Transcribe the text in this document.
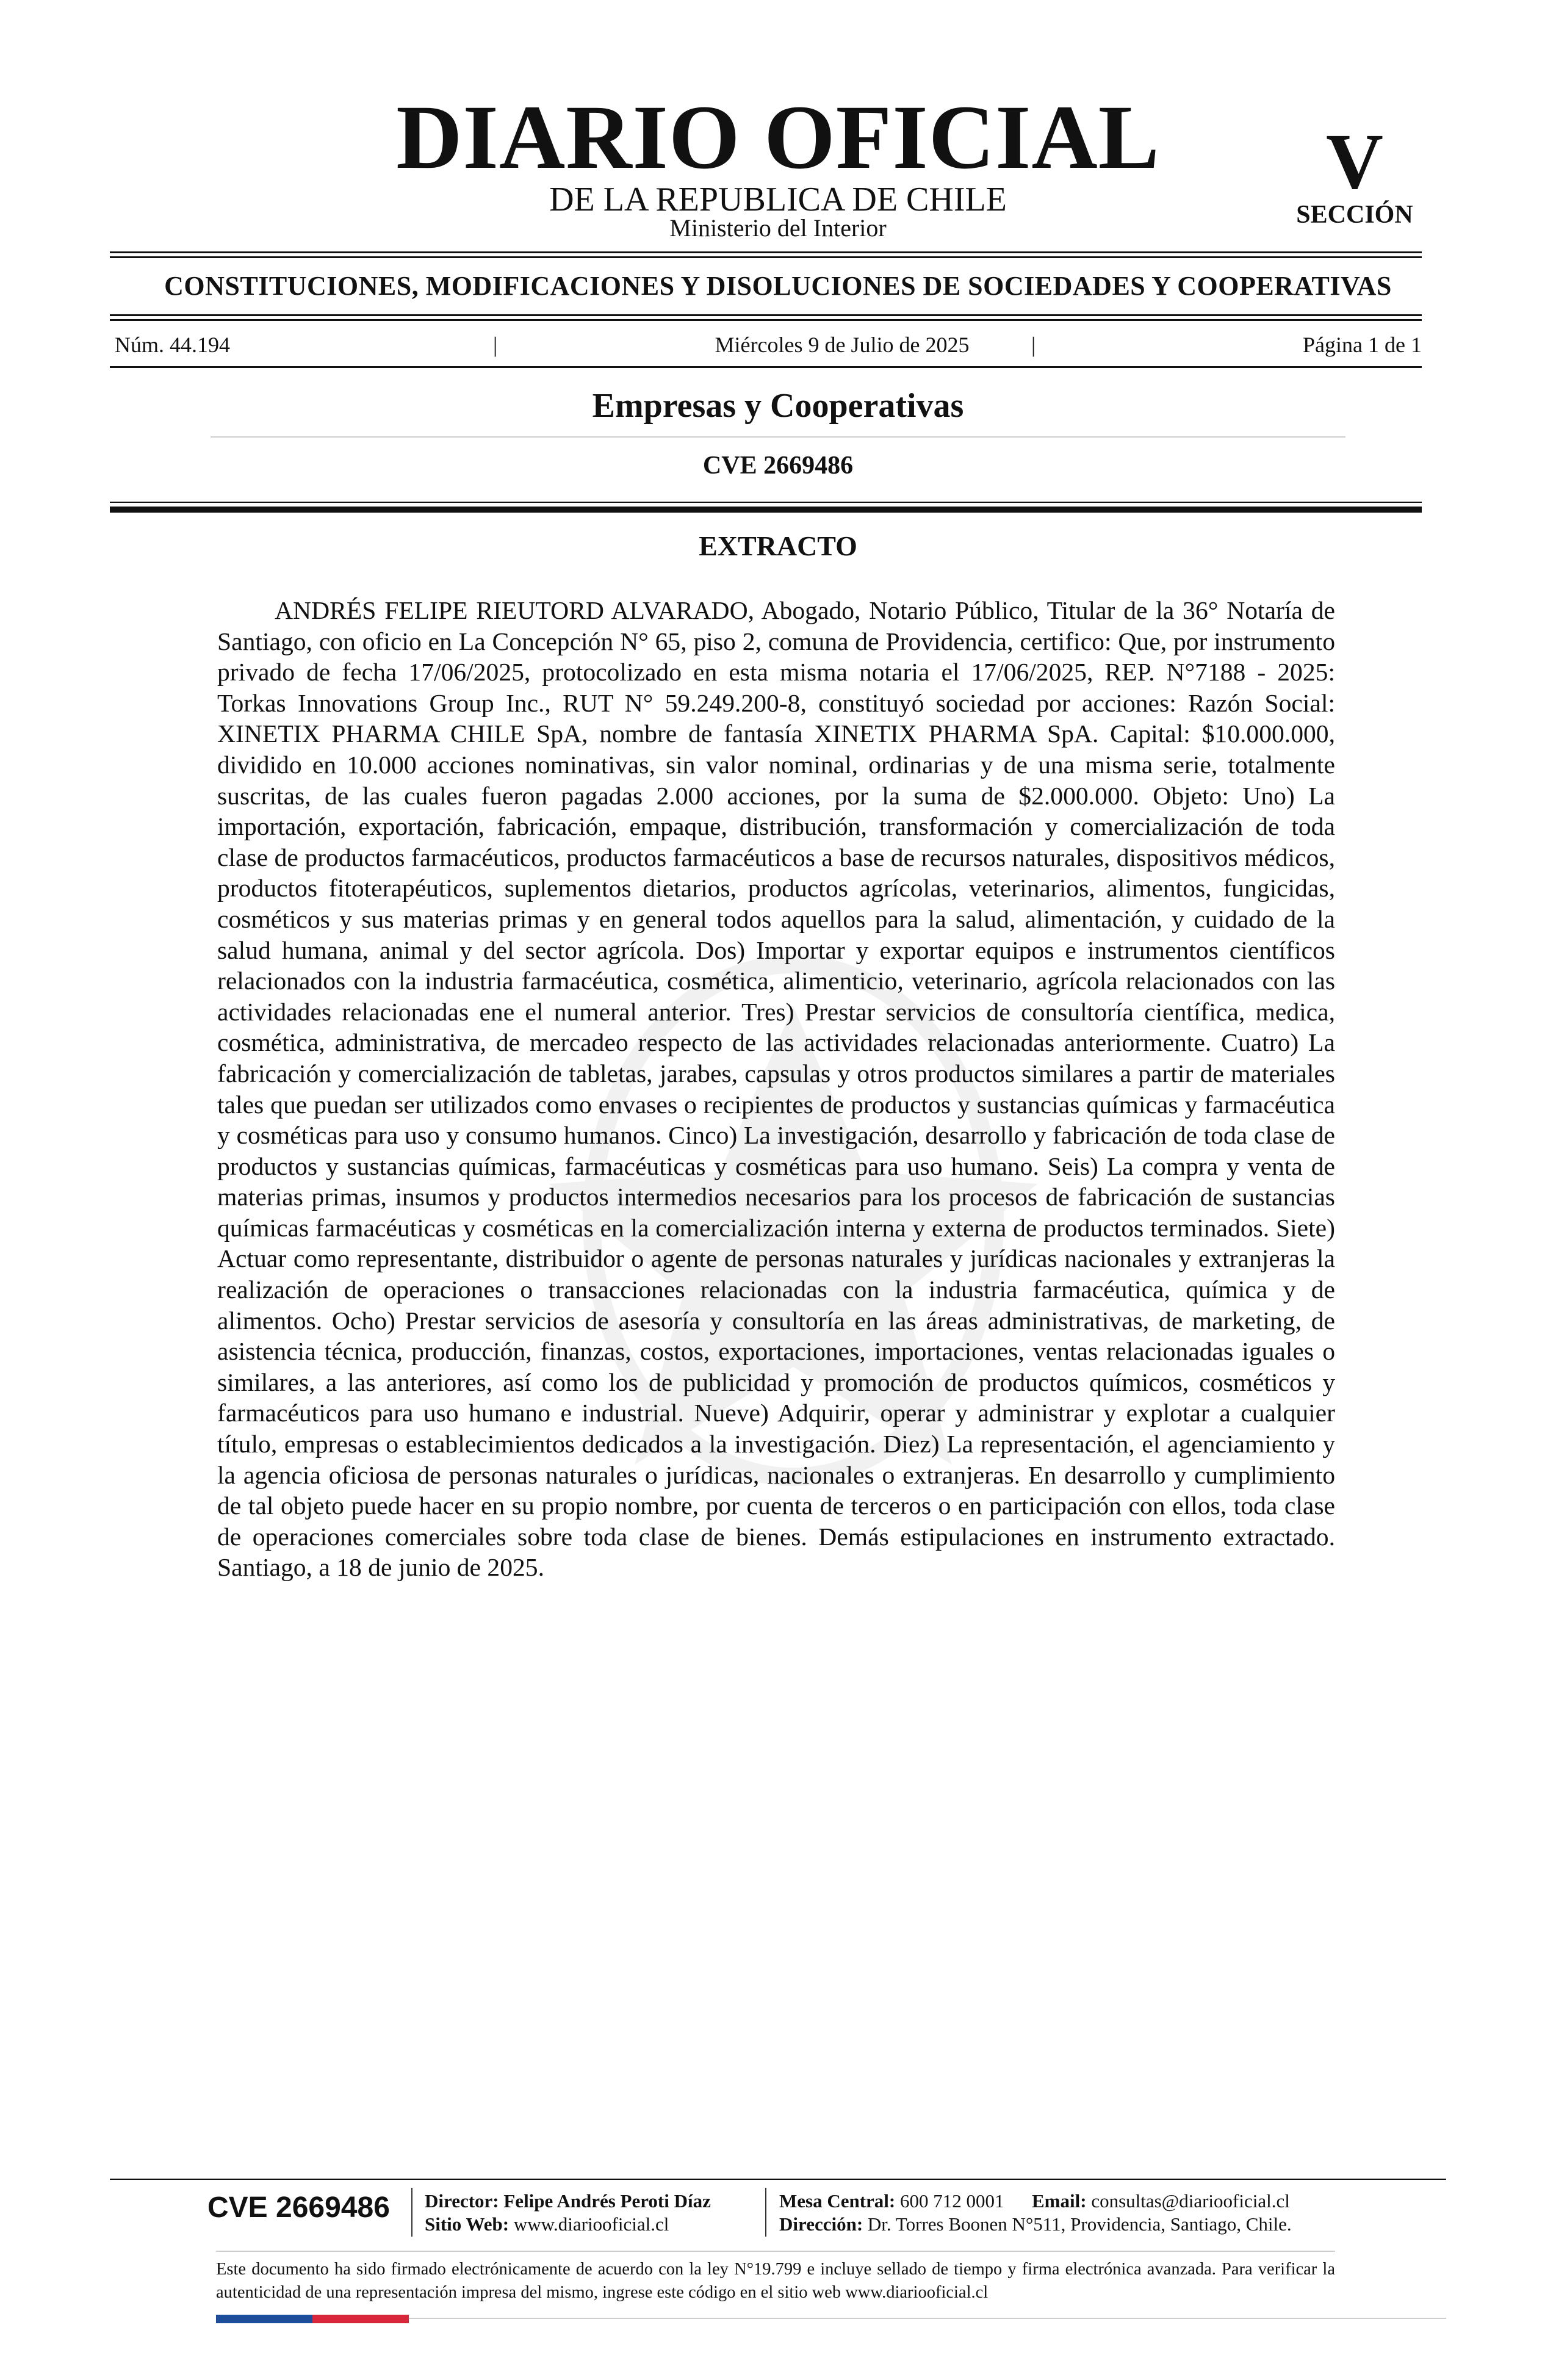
DIARIO OFICIAL
DE LA REPUBLICA DE CHILE
Ministerio del Interior
V
SECCIÓN
CONSTITUCIONES, MODIFICACIONES Y DISOLUCIONES DE SOCIEDADES Y COOPERATIVAS
Núm. 44.194	|	Miércoles 9 de Julio de 2025	|	Página 1 de 1
Empresas y Cooperativas
CVE 2669486
EXTRACTO

ANDRÉS FELIPE RIEUTORD ALVARADO, Abogado, Notario Público, Titular de la 36° Notaría de Santiago, con oficio en La Concepción N° 65, piso 2, comuna de Providencia, certifico: Que, por instrumento privado de fecha 17/06/2025, protocolizado en esta misma notaria el 17/06/2025, REP. N°7188 - 2025: Torkas Innovations Group Inc., RUT N° 59.249.200-8, constituyó sociedad por acciones: Razón Social: XINETIX PHARMA CHILE SpA, nombre de fantasía XINETIX PHARMA SpA. Capital: $10.000.000, dividido en 10.000 acciones nominativas, sin valor nominal, ordinarias y de una misma serie, totalmente suscritas, de las cuales fueron pagadas 2.000 acciones, por la suma de $2.000.000. Objeto: Uno) La importación, exportación, fabricación, empaque, distribución, transformación y comercialización de toda clase de productos farmacéuticos, productos farmacéuticos a base de recursos naturales, dispositivos médicos, productos fitoterapéuticos, suplementos dietarios, productos agrícolas, veterinarios, alimentos, fungicidas, cosméticos y sus materias primas y en general todos aquellos para la salud, alimentación, y cuidado de la salud humana, animal y del sector agrícola. Dos) Importar y exportar equipos e instrumentos científicos relacionados con la industria farmacéutica, cosmética, alimenticio, veterinario, agrícola relacionados con las actividades relacionadas ene el numeral anterior. Tres) Prestar servicios de consultoría científica, medica, cosmética, administrativa, de mercadeo respecto de las actividades relacionadas anteriormente. Cuatro) La fabricación y comercialización de tabletas, jarabes, capsulas y otros productos similares a partir de materiales tales que puedan ser utilizados como envases o recipientes de productos y sustancias químicas y farmacéutica y cosméticas para uso y consumo humanos. Cinco) La investigación, desarrollo y fabricación de toda clase de productos y sustancias químicas, farmacéuticas y cosméticas para uso humano. Seis) La compra y venta de materias primas, insumos y productos intermedios necesarios para los procesos de fabricación de sustancias químicas farmacéuticas y cosméticas en la comercialización interna y externa de productos terminados. Siete) Actuar como representante, distribuidor o agente de personas naturales y jurídicas nacionales y extranjeras la realización de operaciones o transacciones relacionadas con la industria farmacéutica, química y de alimentos. Ocho) Prestar servicios de asesoría y consultoría en las áreas administrativas, de marketing, de asistencia técnica, producción, finanzas, costos, exportaciones, importaciones, ventas relacionadas iguales o similares, a las anteriores, así como los de publicidad y promoción de productos químicos, cosméticos y farmacéuticos para uso humano e industrial. Nueve) Adquirir, operar y administrar y explotar a cualquier título, empresas o establecimientos dedicados a la investigación. Diez) La representación, el agenciamiento y la agencia oficiosa de personas naturales o jurídicas, nacionales o extranjeras. En desarrollo y cumplimiento de tal objeto puede hacer en su propio nombre, por cuenta de terceros o en participación con ellos, toda clase de operaciones comerciales sobre toda clase de bienes. Demás estipulaciones en instrumento extractado. Santiago, a 18 de junio de 2025.

CVE 2669486	Director: Felipe Andrés Peroti Díaz
Sitio Web: www.diariooficial.cl
Mesa Central: 600 712 0001 Email: consultas@diariooficial.cl
Dirección: Dr. Torres Boonen N°511, Providencia, Santiago, Chile.

Este documento ha sido firmado electrónicamente de acuerdo con la ley N°19.799 e incluye sellado de tiempo y firma electrónica avanzada. Para verificar la autenticidad de una representación impresa del mismo, ingrese este código en el sitio web www.diariooficial.cl
